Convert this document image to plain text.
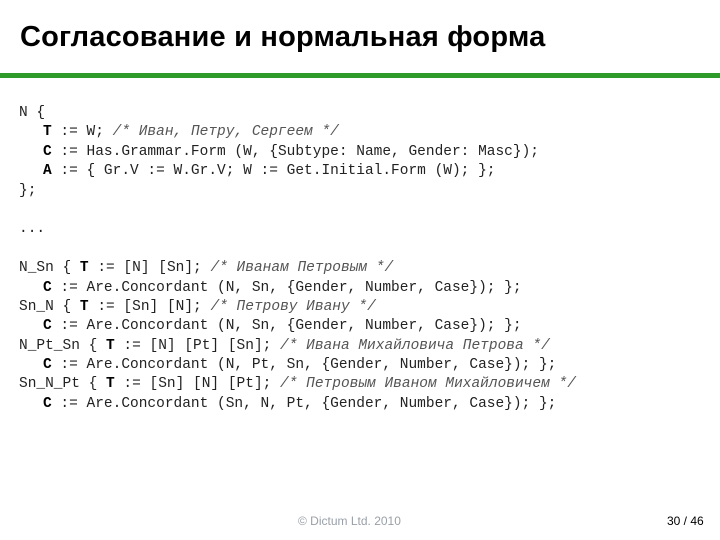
Согласование и нормальная форма
N {
T := W; /* Иван, Петру, Сергеем */
C := Has.Grammar.Form (W, {Subtype: Name, Gender: Masc});
A := { Gr.V := W.Gr.V; W := Get.Initial.Form (W); };
};
...
N_Sn { T := [N] [Sn]; /* Иванам Петровым */
C := Are.Concordant (N, Sn, {Gender, Number, Case}); };
Sn_N { T := [Sn] [N]; /* Петрову Ивану */
C := Are.Concordant (N, Sn, {Gender, Number, Case}); };
N_Pt_Sn { T := [N] [Pt] [Sn]; /* Ивана Михайловича Петрова */
C := Are.Concordant (N, Pt, Sn, {Gender, Number, Case}); };
Sn_N_Pt { T := [Sn] [N] [Pt]; /* Петровым Иваном Михайловичем */
C := Are.Concordant (Sn, N, Pt, {Gender, Number, Case}); };
© Dictum Ltd. 2010	30 / 46
